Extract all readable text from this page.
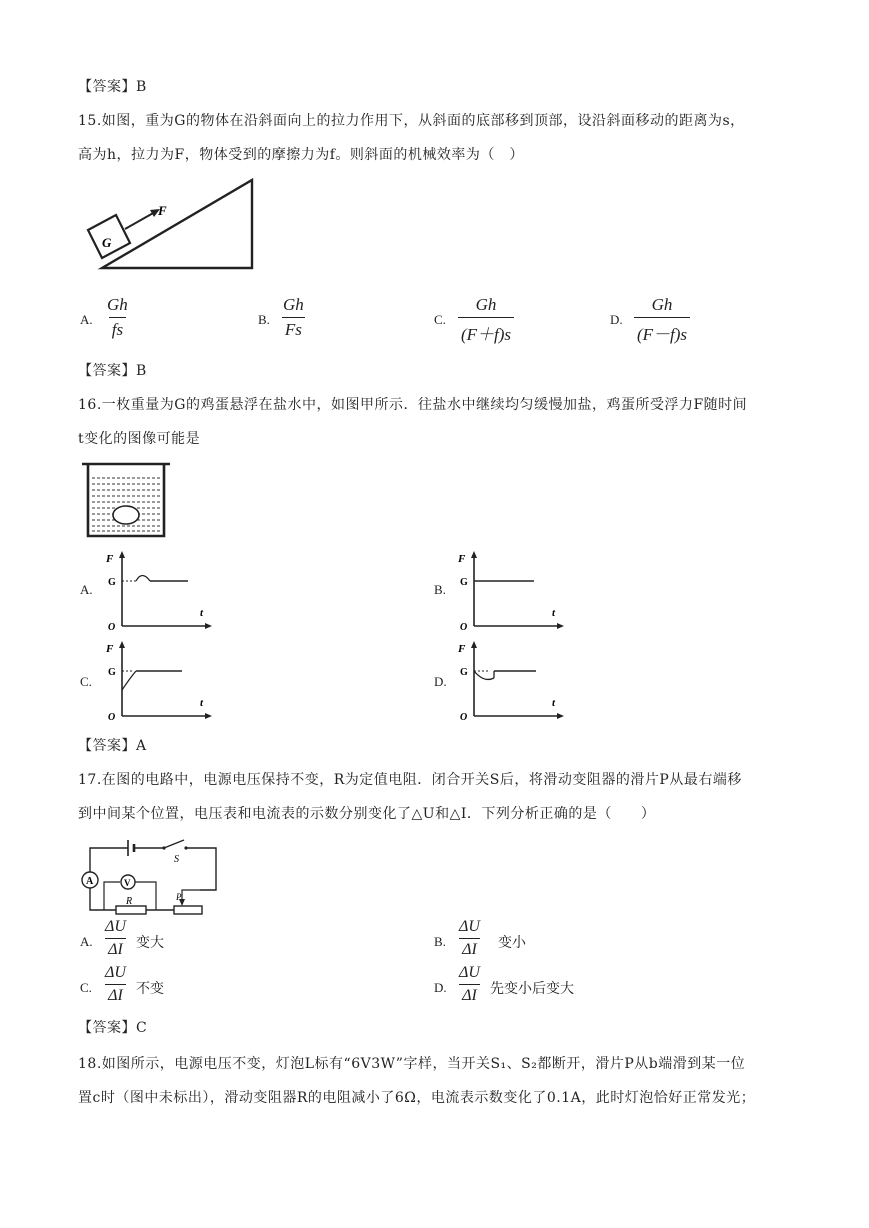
【答案】B
15.如图，重为G的物体在沿斜面向上的拉力作用下，从斜面的底部移到顶部，设沿斜面移动的距离为s，
高为h，拉力为F，物体受到的摩擦力为f。则斜面的机械效率为（　）
G
F
A. $\frac{Gh}{fs}$	B. $\frac{Gh}{Fs}$	C. $\frac{Gh}{(F+f)s}$	D. $\frac{Gh}{(F-f)s}$
【答案】B
16.一枚重量为G的鸡蛋悬浮在盐水中，如图甲所示．往盐水中继续均匀缓慢加盐，鸡蛋所受浮力F随时间
t变化的图像可能是
A.
F
G
O
t
B.
F
G
O
t
C.
F
G
O
t
D.
F
G
O
t
【答案】A
17.在图的电路中，电源电压保持不变，R为定值电阻．闭合开关S后，将滑动变阻器的滑片P从最右端移
到中间某个位置，电压表和电流表的示数分别变化了△U和△I．下列分析正确的是（　　）
S
A
R	P
V
A. $\frac{\Delta U}{\Delta I}$ 变大	B. $\frac{\Delta U}{\Delta I}$ 变小
C. $\frac{\Delta U}{\Delta I}$ 不变	D. $\frac{\Delta U}{\Delta I}$ 先变小后变大
【答案】C
18.如图所示，电源电压不变，灯泡L标有“6V3W”字样，当开关S₁、S₂都断开，滑片P从b端滑到某一位
置c时（图中未标出），滑动变阻器R的电阻减小了6Ω，电流表示数变化了0.1A，此时灯泡恰好正常发光；
